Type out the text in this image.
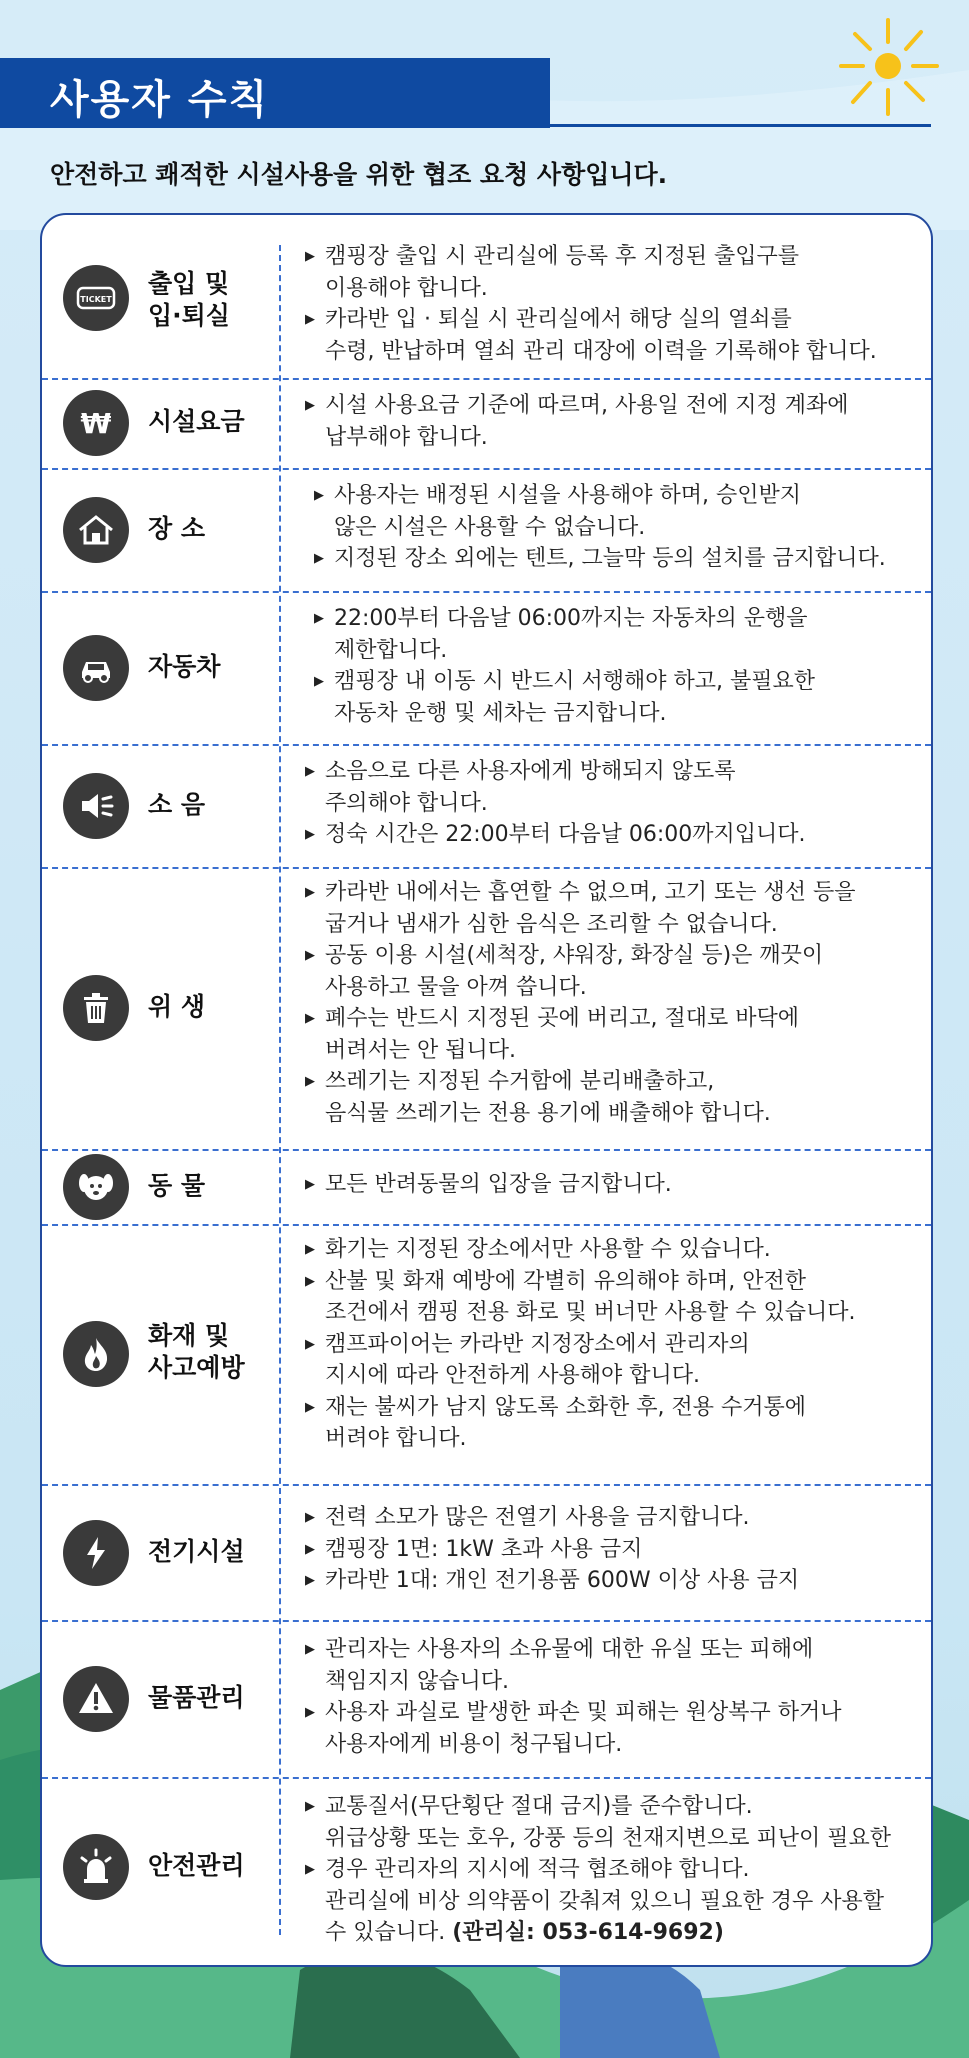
사용자 수칙
안전하고 쾌적한 시설사용을 위한 협조 요청 사항입니다.
TICKET
출입 및
입·퇴실
▶ 캠핑장 출입 시 관리실에 등록 후 지정된 출입구를
이용해야 합니다.
▶ 카라반 입 · 퇴실 시 관리실에서 해당 실의 열쇠를
수령, 반납하며 열쇠 관리 대장에 이력을 기록해야 합니다.
₩ 시설요금
▶ 시설 사용요금 기준에 따르며, 사용일 전에 지정 계좌에
납부해야 합니다.
장 소
▶ 사용자는 배정된 시설을 사용해야 하며, 승인받지
않은 시설은 사용할 수 없습니다.
▶ 지정된 장소 외에는 텐트, 그늘막 등의 설치를 금지합니다.
자동차
▶ 22:00부터 다음날 06:00까지는 자동차의 운행을
제한합니다.
▶ 캠핑장 내 이동 시 반드시 서행해야 하고, 불필요한
자동차 운행 및 세차는 금지합니다.
소 음
▶ 소음으로 다른 사용자에게 방해되지 않도록
주의해야 합니다.
▶ 정숙 시간은 22:00부터 다음날 06:00까지입니다.
위 생
▶ 카라반 내에서는 흡연할 수 없으며, 고기 또는 생선 등을
굽거나 냄새가 심한 음식은 조리할 수 없습니다.
▶ 공동 이용 시설(세척장, 샤워장, 화장실 등)은 깨끗이
사용하고 물을 아껴 씁니다.
▶ 폐수는 반드시 지정된 곳에 버리고, 절대로 바닥에
버려서는 안 됩니다.
▶ 쓰레기는 지정된 수거함에 분리배출하고,
음식물 쓰레기는 전용 용기에 배출해야 합니다.
동 물
▶	모든 반려동물의 입장을 금지합니다.
화재 및
사고예방
▶ 화기는 지정된 장소에서만 사용할 수 있습니다.
▶ 산불 및 화재 예방에 각별히 유의해야 하며, 안전한
조건에서 캠핑 전용 화로 및 버너만 사용할 수 있습니다.
▶ 캠프파이어는 카라반 지정장소에서 관리자의
지시에 따라 안전하게 사용해야 합니다.
▶ 재는 불씨가 남지 않도록 소화한 후, 전용 수거통에
버려야 합니다.
전기시설
▶ 전력 소모가 많은 전열기 사용을 금지합니다.
▶ 캠핑장 1면: 1kW 초과 사용 금지
▶ 카라반 1대: 개인 전기용품 600W 이상 사용 금지
물품관리
▶ 관리자는 사용자의 소유물에 대한 유실 또는 피해에
책임지지 않습니다.
▶ 사용자 과실로 발생한 파손 및 피해는 원상복구 하거나
사용자에게 비용이 청구됩니다.
안전관리
▶ 교통질서(무단횡단 절대 금지)를 준수합니다.
위급상황 또는 호우, 강풍 등의 천재지변으로 피난이 필요한
▶ 경우 관리자의 지시에 적극 협조해야 합니다.
관리실에 비상 의약품이 갖춰져 있으니 필요한 경우 사용할
수 있습니다. (관리실: 053-614-9692)
